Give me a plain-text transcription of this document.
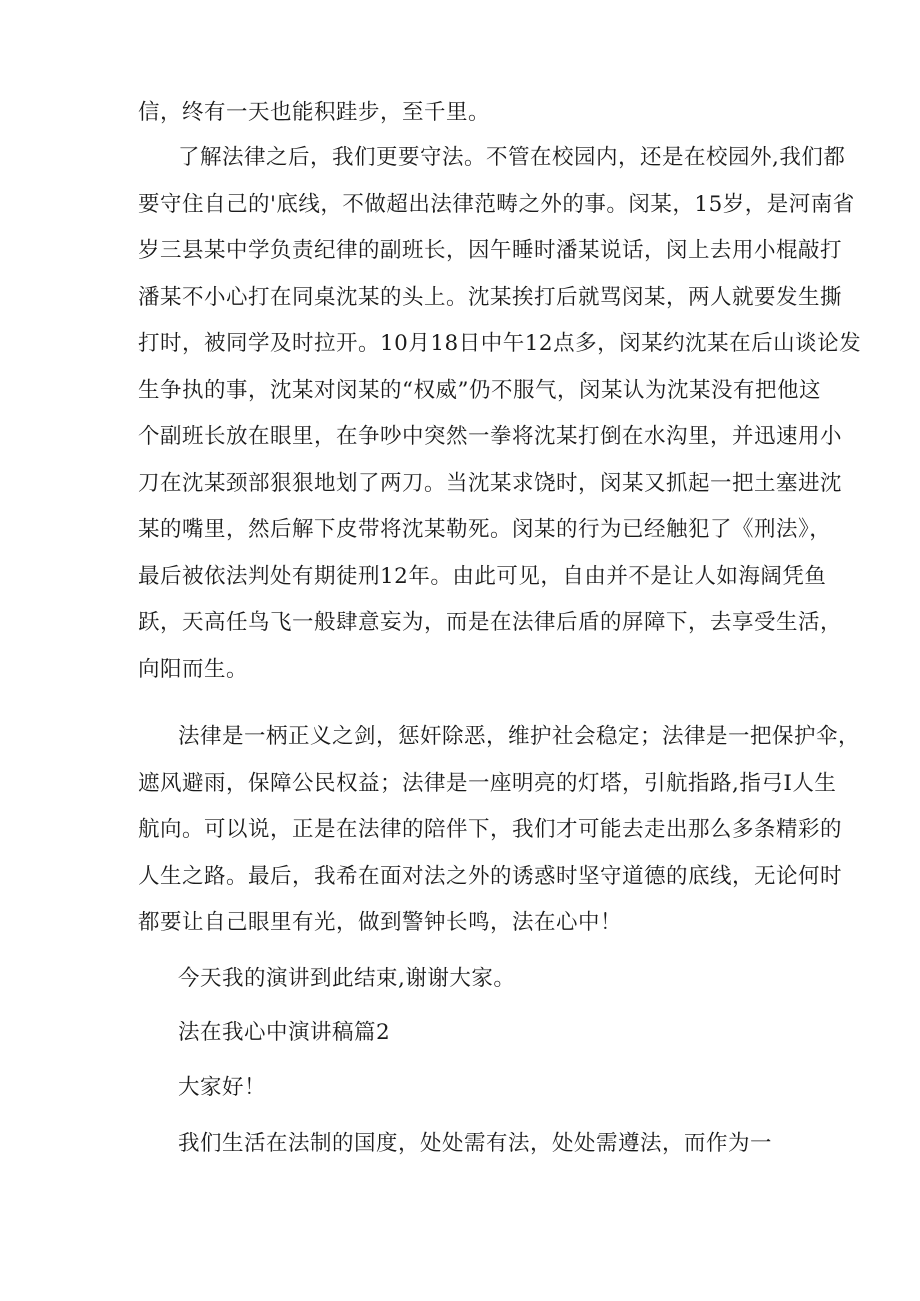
信，终有一天也能积跬步，至千里。
了解法律之后，我们更要守法。不管在校园内，还是在校园外,我们都
要守住自己的'底线，不做超出法律范畴之外的事。闵某，15岁，是河南省
岁三县某中学负责纪律的副班长，因午睡时潘某说话，闵上去用小棍敲打
潘某不小心打在同桌沈某的头上。沈某挨打后就骂闵某，两人就要发生撕
打时，被同学及时拉开。10月18日中午12点多，闵某约沈某在后山谈论发
生争执的事，沈某对闵某的“权威”仍不服气，闵某认为沈某没有把他这
个副班长放在眼里，在争吵中突然一拳将沈某打倒在水沟里，并迅速用小
刀在沈某颈部狠狠地划了两刀。当沈某求饶时，闵某又抓起一把土塞进沈
某的嘴里，然后解下皮带将沈某勒死。闵某的行为已经触犯了《刑法》，
最后被依法判处有期徒刑12年。由此可见，自由并不是让人如海阔凭鱼
跃，天高任鸟飞一般肆意妄为，而是在法律后盾的屏障下，去享受生活，
向阳而生。
法律是一柄正义之剑，惩奸除恶，维护社会稳定；法律是一把保护伞，
遮风避雨，保障公民权益；法律是一座明亮的灯塔，引航指路,指弓I人生
航向。可以说，正是在法律的陪伴下，我们才可能去走出那么多条精彩的
人生之路。最后，我希在面对法之外的诱惑时坚守道德的底线，无论何时
都要让自己眼里有光，做到警钟长鸣，法在心中！
今天我的演讲到此结束,谢谢大家。
法在我心中演讲稿篇2
大家好！
我们生活在法制的国度，处处需有法，处处需遵法，而作为一
